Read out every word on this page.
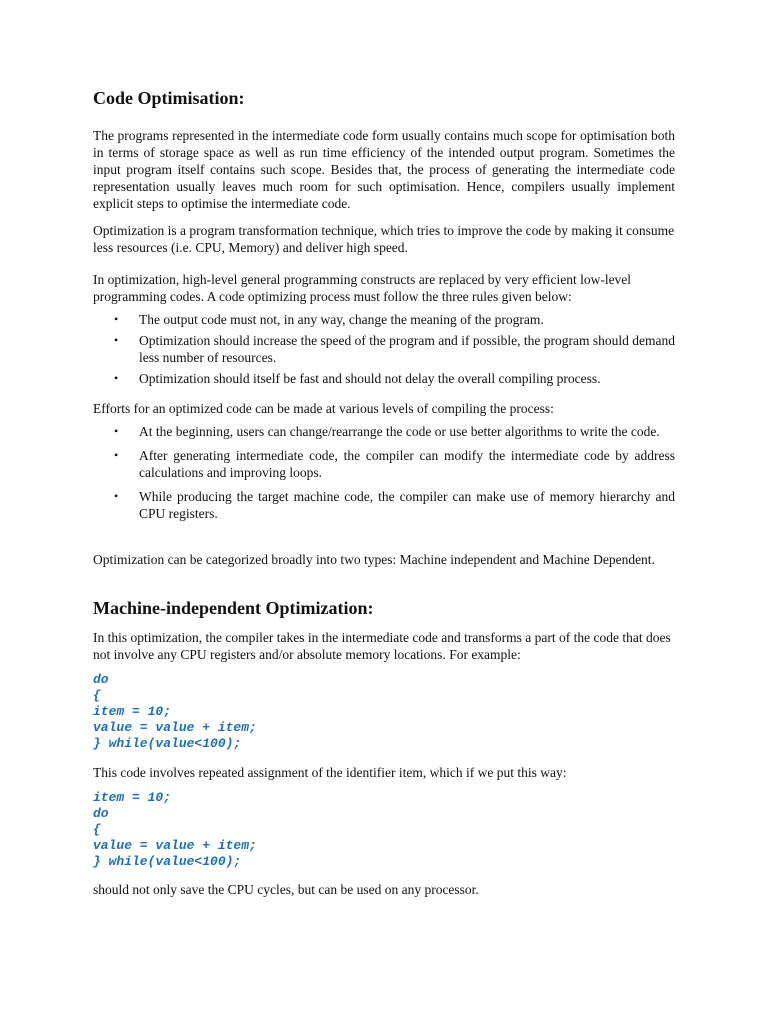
Code Optimisation:

The programs represented in the intermediate code form usually contains much scope for optimisation both in terms of storage space as well as run time efficiency of the intended output program. Sometimes the input program itself contains such scope. Besides that, the process of generating the intermediate code representation usually leaves much room for such optimisation. Hence, compilers usually implement explicit steps to optimise the intermediate code.

Optimization is a program transformation technique, which tries to improve the code by making it consume less resources (i.e. CPU, Memory) and deliver high speed.

In optimization, high-level general programming constructs are replaced by very efficient low-level programming codes. A code optimizing process must follow the three rules given below:

• The output code must not, in any way, change the meaning of the program.
• Optimization should increase the speed of the program and if possible, the program should demand less number of resources.
• Optimization should itself be fast and should not delay the overall compiling process.

Efforts for an optimized code can be made at various levels of compiling the process:

• At the beginning, users can change/rearrange the code or use better algorithms to write the code.
• After generating intermediate code, the compiler can modify the intermediate code by address calculations and improving loops.
• While producing the target machine code, the compiler can make use of memory hierarchy and CPU registers.

Optimization can be categorized broadly into two types: Machine independent and Machine Dependent.

Machine-independent Optimization:

In this optimization, the compiler takes in the intermediate code and transforms a part of the code that does not involve any CPU registers and/or absolute memory locations. For example:

do
{
item = 10;
value = value + item;
} while(value<100);

This code involves repeated assignment of the identifier item, which if we put this way:

item = 10;
do
{
value = value + item;
} while(value<100);

should not only save the CPU cycles, but can be used on any processor.
